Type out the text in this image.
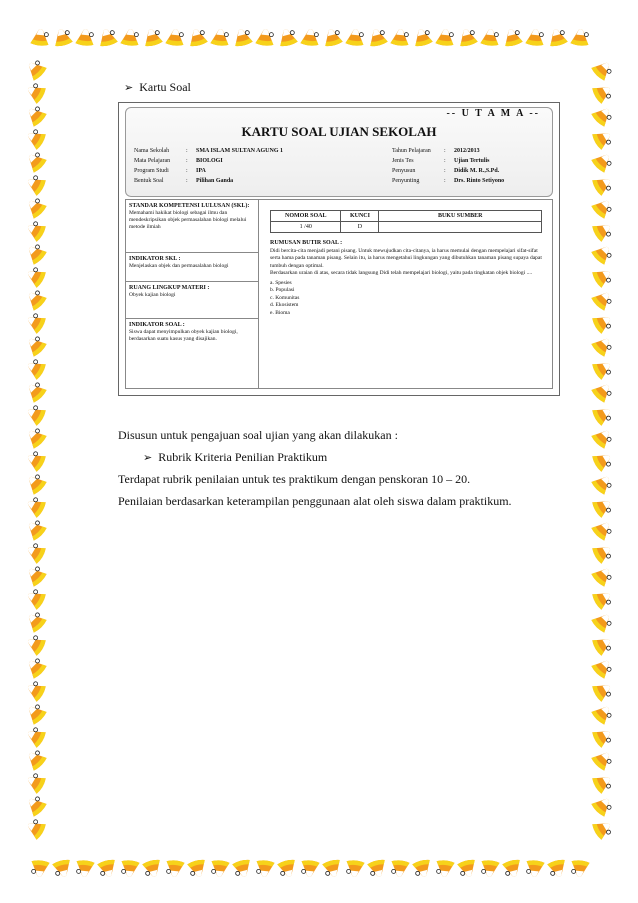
➢ Kartu Soal
-- U T A M A --
KARTU SOAL UJIAN SEKOLAH
Nama Sekolah	:	SMA ISLAM SULTAN AGUNG 1
Mata Pelajaran	:	BIOLOGI
Program Studi	:	IPA
Bentuk Soal	:	Pilihan Ganda
Tahun Pelajaran	:	2012/2013
Jenis Tes	:	Ujian Tertulis
Penyusun	:	Didik M. R.,S.Pd.
Penyunting	:	Drs. Rinto Setiyono
STANDAR KOMPETENSI LULUSAN (SKL):
Memahami hakikat biologi sebagai ilmu dan mendeskripsikan objek permasalahan biologi melalui metode ilmiah
INDIKATOR SKL :
Menjelaskan objek dan permasalahan biologi
RUANG LINGKUP MATERI :
Obyek kajian biologi
INDIKATOR SOAL :
Siswa dapat menyimpulkan obyek kajian biologi, berdasarkan suatu kasus yang disajikan.
NOMOR SOAL	KUNCI	BUKU SUMBER
1 /40	D	
RUMUSAN BUTIR SOAL :
Didi bercita-cita menjadi petani pisang. Untuk mewujudkan cita-citanya, ia harus memulai dengan mempelajari sifat-sifat serta hama pada tanaman pisang. Selain itu, ia harus mengetahui lingkungan yang dibutuhkan tanaman pisang supaya dapat tumbuh dengan optimal.
Berdasarkan uraian di atas, secara tidak langsung Didi telah mempelajari biologi, yaitu pada tingkatan objek biologi ....
a. Spesies
b. Populasi
c. Komunitas
d. Ekosistem
e. Bioma
Disusun untuk pengajuan soal ujian yang akan dilakukan :
➢ Rubrik Kriteria Penilian Praktikum
Terdapat rubrik penilaian untuk tes praktikum dengan penskoran 10 – 20.
Penilaian berdasarkan keterampilan penggunaan alat oleh siswa dalam praktikum.
